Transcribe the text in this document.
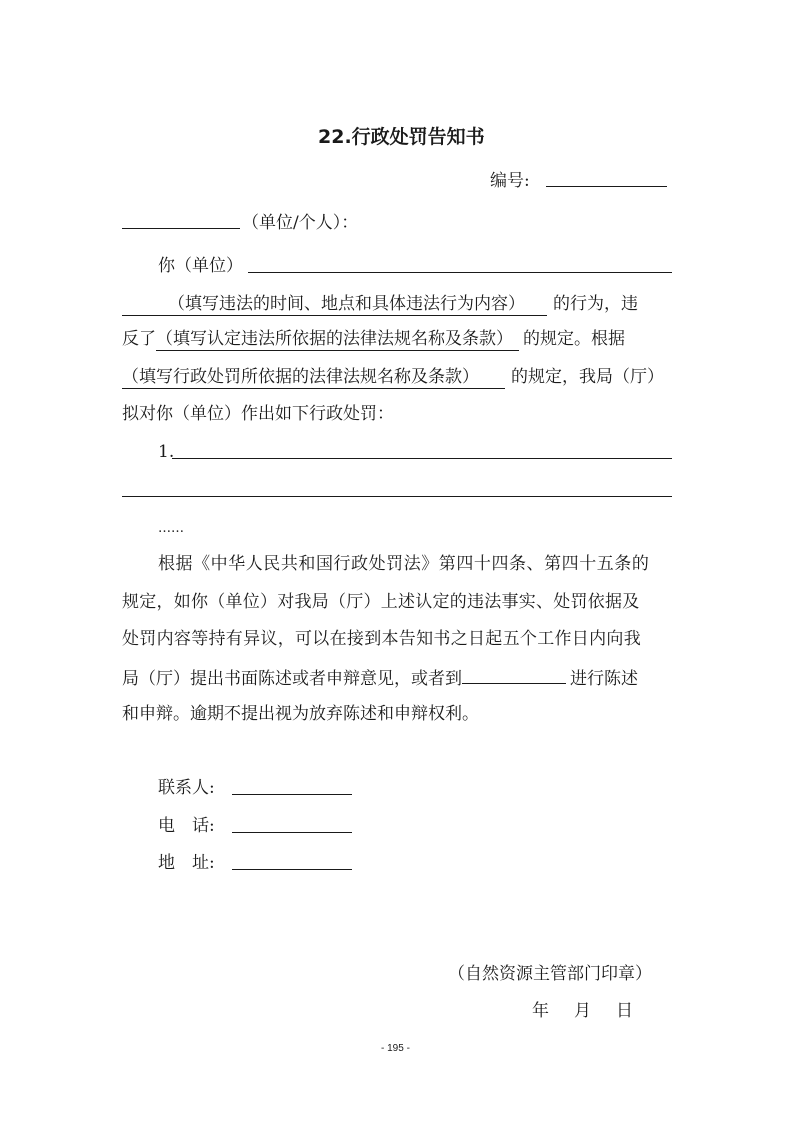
22.行政处罚告知书
编号:
（单位/个人）：
你（单位）
（填写违法的时间、地点和具体违法行为内容） 的行为，违
反了（填写认定违法所依据的法律法规名称及条款） 的规定。根据
（填写行政处罚所依据的法律法规名称及条款） 的规定，我局（厅）
拟对你（单位）作出如下行政处罚：
1.
……
根据《中华人民共和国行政处罚法》第四十四条、第四十五条的
规定，如你（单位）对我局（厅）上述认定的违法事实、处罚依据及
处罚内容等持有异议，可以在接到本告知书之日起五个工作日内向我
局（厅）提出书面陈述或者申辩意见，或者到	进行陈述
和申辩。逾期不提出视为放弃陈述和申辩权利。
联系人:
电　话:
地　址:
（自然资源主管部门印章）
年　月　日
- 195 -
